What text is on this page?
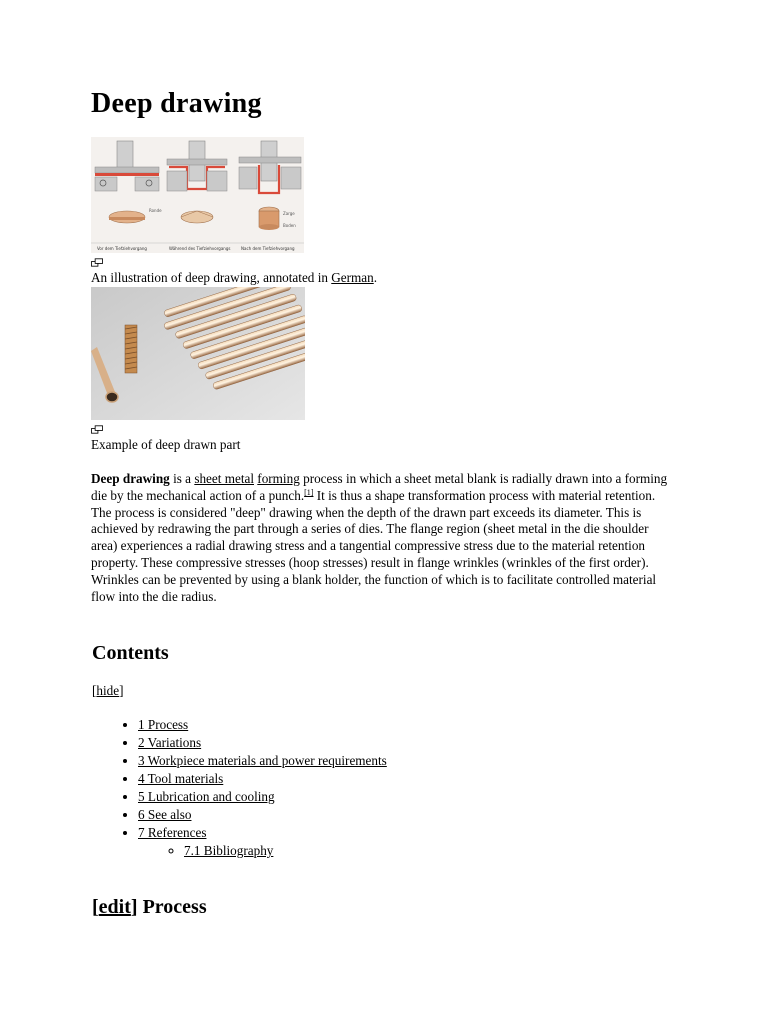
Deep drawing
Vor dem Tiefziehvorgang	Während des Tiefziehvorgangs	Nach dem Tiefziehvorgang
Ronde
Zarge
Boden
An illustration of deep drawing, annotated in German.
Example of deep drawn part
Deep drawing is a sheet metal forming process in which a sheet metal blank is radially drawn into a forming die by the mechanical action of a punch.[1] It is thus a shape transformation process with material retention. The process is considered "deep" drawing when the depth of the drawn part exceeds its diameter. This is achieved by redrawing the part through a series of dies. The flange region (sheet metal in the die shoulder area) experiences a radial drawing stress and a tangential compressive stress due to the material retention property. These compressive stresses (hoop stresses) result in flange wrinkles (wrinkles of the first order). Wrinkles can be prevented by using a blank holder, the function of which is to facilitate controlled material flow into the die radius.
Contents
[hide]
• 1 Process
• 2 Variations
• 3 Workpiece materials and power requirements
• 4 Tool materials
• 5 Lubrication and cooling
• 6 See also
• 7 References
◦ 7.1 Bibliography
[edit] Process
